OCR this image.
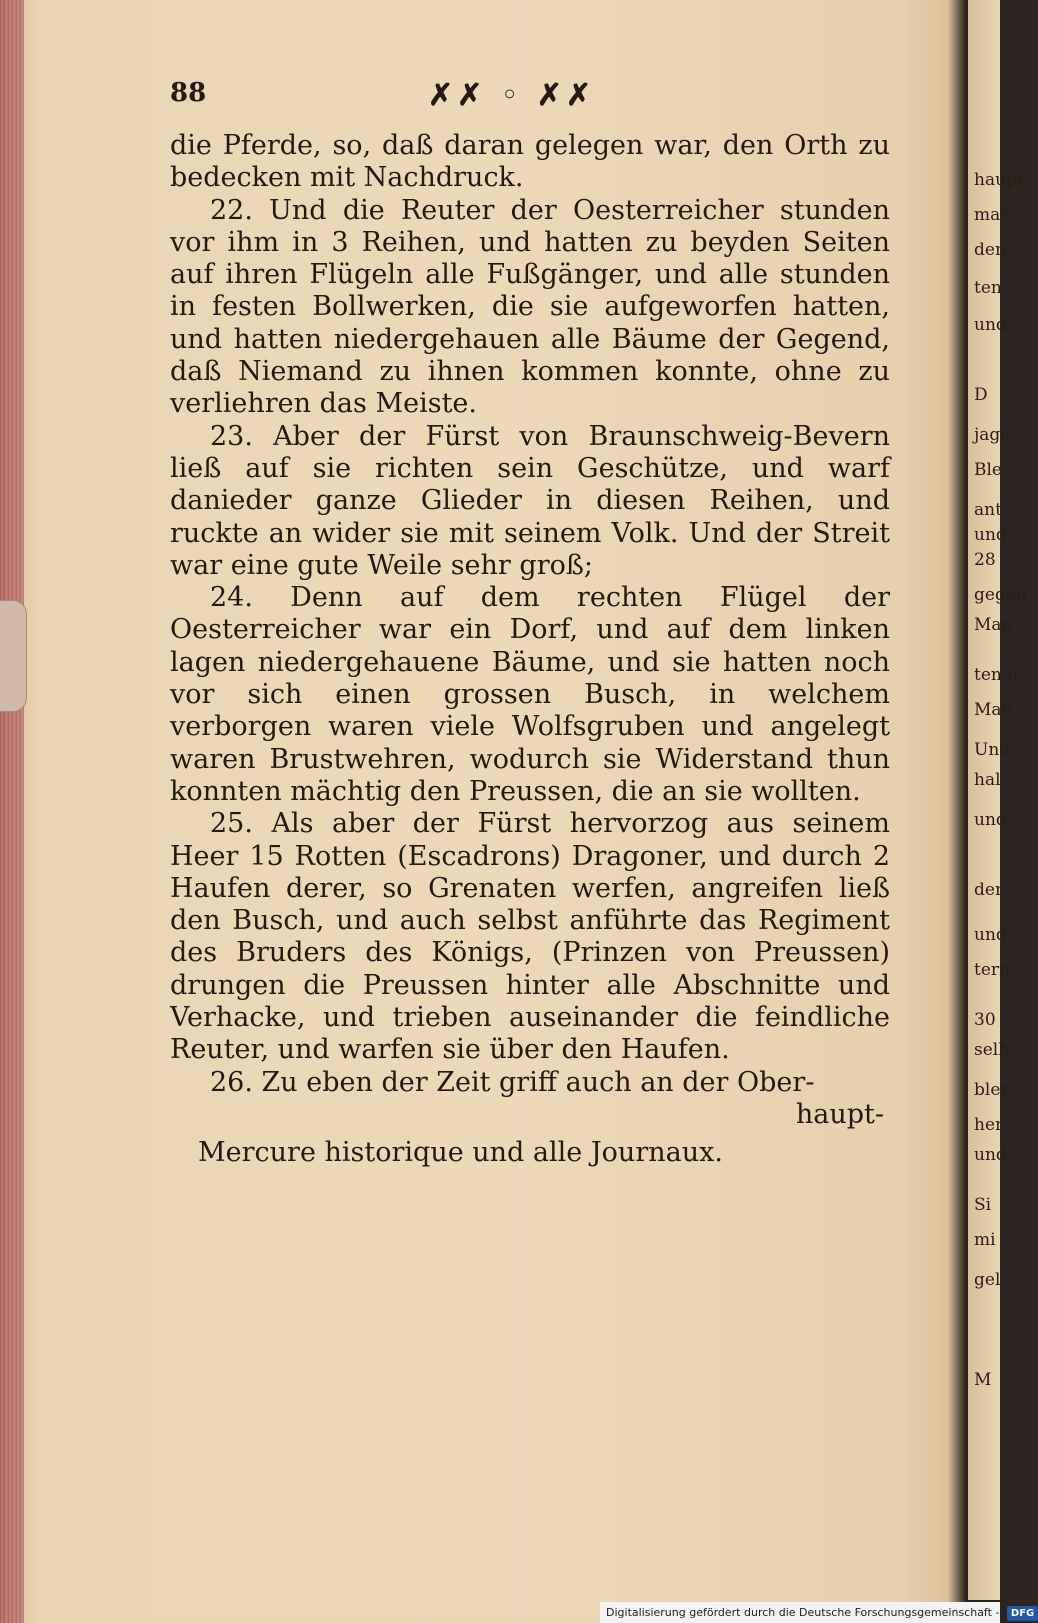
haupt
man
den
ten
und
D
jage
Ble
ant
und
28
gegen
Man
ten u
Man
Und
hal
und
der
und
tern,
30
selb
bler
her
und
Si
mi
gel
M
88	✗✗ ◦ ✗✗

die Pferde, so, daß daran gelegen war, den Orth zu bedecken mit Nachdruck.

22. Und die Reuter der Oesterreicher stunden vor ihm in 3 Reihen, und hatten zu beyden Seiten auf ihren Flügeln alle Fußgänger, und alle stunden in festen Bollwerken, die sie aufgeworfen hatten, und hatten niedergehauen alle Bäume der Gegend, daß Niemand zu ihnen kommen konnte, ohne zu verliehren das Meiste.

23. Aber der Fürst von Braunschweig-Bevern ließ auf sie richten sein Geschütze, und warf danieder ganze Glieder in diesen Reihen, und ruckte an wider sie mit seinem Volk. Und der Streit war eine gute Weile sehr groß;

24. Denn auf dem rechten Flügel der Oesterreicher war ein Dorf, und auf dem linken lagen niedergehauene Bäume, und sie hatten noch vor sich einen grossen Busch, in welchem verborgen waren viele Wolfsgruben und angelegt waren Brustwehren, wodurch sie Widerstand thun konnten mächtig den Preussen, die an sie wollten.

25. Als aber der Fürst hervorzog aus seinem Heer 15 Rotten (Escadrons) Dragoner, und durch 2 Haufen derer, so Grenaten werfen, angreifen ließ den Busch, und auch selbst anführte das Regiment des Bruders des Königs, (Prinzen von Preussen) drungen die Preussen hinter alle Abschnitte und Verhacke, und trieben auseinander die feindliche Reuter, und warfen sie über den Haufen.

26. Zu eben der Zeit griff auch an der Ober-

haupt-
Mercure historique und alle Journaux.
Digitalisierung gefördert durch die Deutsche Forschungsgemeinschaft - DFG
